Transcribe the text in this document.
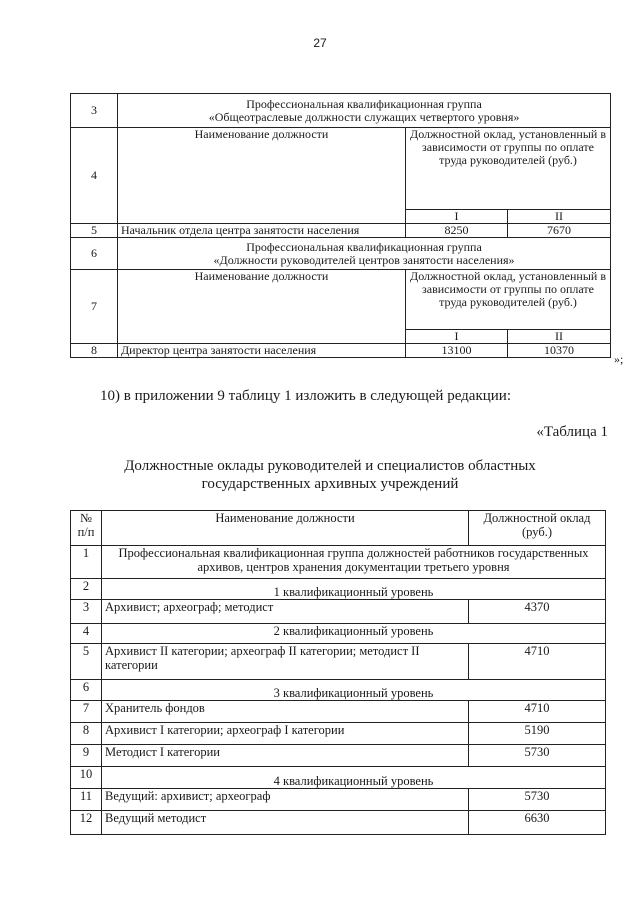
27
3	Профессиональная квалификационная группа
«Общеотраслевые должности служащих четвертого уровня»		

4	Наименование должности	Должностной оклад, установленный в зависимости от группы по оплате труда руководителей (руб.)	
		I	II
5	Начальник отдела центра занятости населения	8250	7670
6	Профессиональная квалификационная группа
«Должности руководителей центров занятости населения»		

7	Наименование должности	Должностной оклад, установленный в зависимости от группы по оплате труда руководителей (руб.)	
		I	II
8	Директор центра занятости населения	13100	10370
»;
10) в приложении 9 таблицу 1 изложить в следующей редакции:
«Таблица 1
Должностные оклады руководителей и специалистов областных
государственных архивных учреждений
№ п/п	Наименование должности	Должностной оклад (руб.)
1	Профессиональная квалификационная группа должностей работников государственных архивов, центров хранения документации третьего уровня	
2	1 квалификационный уровень	
3	Архивист; археограф; методист	4370
4	2 квалификационный уровень	
5	Архивист II категории; археограф II категории; методист II категории	4710
6	3 квалификационный уровень	
7	Хранитель фондов	4710
8	Архивист I категории; археограф I категории	5190
9	Методист I категории	5730
10	4 квалификационный уровень	
11	Ведущий: архивист; археограф	5730
12	Ведущий методист	6630
